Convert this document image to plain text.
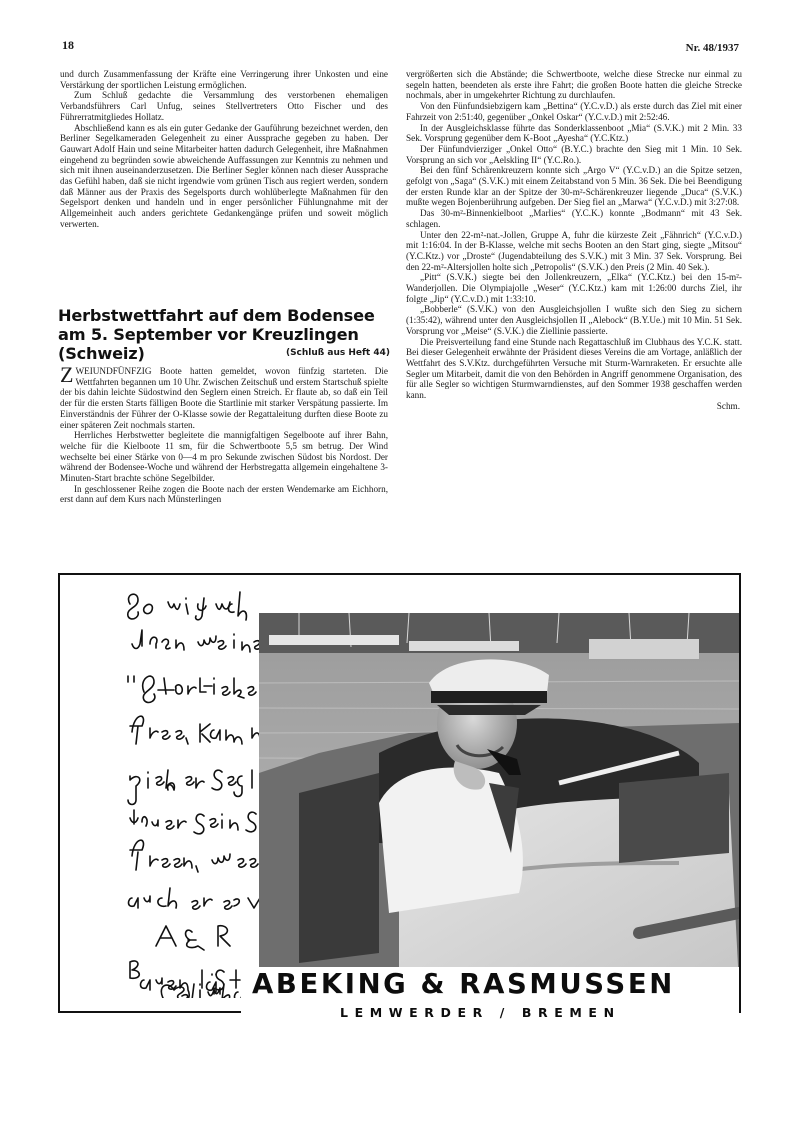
18	Nr. 48/1937

und durch Zusammenfassung der Kräfte eine Verringerung ihrer Unkosten und eine Verstärkung der sportlichen Leistung ermöglichen.

Zum Schluß gedachte die Versammlung des verstorbenen ehemaligen Verbandsführers Carl Unfug, seines Stellvertreters Otto Fischer und des Führerratmitgliedes Hollatz.

Abschließend kann es als ein guter Gedanke der Gauführung bezeichnet werden, den Berliner Segelkameraden Gelegenheit zu einer Aussprache gegeben zu haben. Der Gauwart Adolf Hain und seine Mitarbeiter hatten dadurch Gelegenheit, ihre Maßnahmen eingehend zu begründen sowie abweichende Auffassungen zur Kenntnis zu nehmen und sich mit ihnen auseinanderzusetzen. Die Berliner Segler können nach dieser Aussprache das Gefühl haben, daß sie nicht irgendwie vom grünen Tisch aus regiert werden, sondern daß Männer aus der Praxis des Segelsports durch wohlüberlegte Maßnahmen für den Segelsport denken und handeln und in enger persönlicher Fühlungnahme mit der Allgemeinheit auch anders gerichtete Gedankengänge prüfen und soweit möglich verwerten.

Herbstwettfahrt auf dem Bodensee am 5. September vor Kreuzlingen (Schweiz)	(Schluß aus Heft 44)

ZWEIUNDFÜNFZIG Boote hatten gemeldet, wovon fünfzig starteten. Die Wettfahrten begannen um 10 Uhr. Zwischen Zeitschuß und erstem Startschuß spielte der bis dahin leichte Südostwind den Seglern einen Streich. Er flaute ab, so daß ein Teil der für die ersten Starts fälligen Boote die Startlinie mit starker Verspätung passierte. Im Einverständnis der Führer der O-Klasse sowie der Regattaleitung durften diese Boote zu einer späteren Zeit nochmals starten.

Herrliches Herbstwetter begleitete die mannigfaltigen Segelboote auf ihrer Bahn, welche für die Kielboote 11 sm, für die Schwertboote 5,5 sm betrug. Der Wind wechselte bei einer Stärke von 0—4 m pro Sekunde zwischen Südost bis Nordost. Der während der Bodensee-Woche und während der Herbstregatta allgemein eingehaltene 3-Minuten-Start brachte schöne Segelbilder.

In geschlossener Reihe zogen die Boote nach der ersten Wendemarke am Eichhorn, erst dann auf dem Kurs nach Münsterlingen

vergrößerten sich die Abstände; die Schwertboote, welche diese Strecke nur einmal zu segeln hatten, beendeten als erste ihre Fahrt; die großen Boote hatten die gleiche Strecke nochmals, aber in umgekehrter Richtung zu durchlaufen.

Von den Fünfundsiebzigern kam „Bettina“ (Y.C.v.D.) als erste durch das Ziel mit einer Fahrzeit von 2:51:40, gegenüber „Onkel Oskar“ (Y.C.v.D.) mit 2:52:46.

In der Ausgleichsklasse führte das Sonderklassenboot „Mia“ (S.V.K.) mit 2 Min. 33 Sek. Vorsprung gegenüber dem K-Boot „Ayesha“ (Y.C.Ktz.)

Der Fünfundvierziger „Onkel Otto“ (B.Y.C.) brachte den Sieg mit 1 Min. 10 Sek. Vorsprung an sich vor „Aelskling II“ (Y.C.Ro.).

Bei den fünf Schärenkreuzern konnte sich „Argo V“ (Y.C.v.D.) an die Spitze setzen, gefolgt von „Saga“ (S.V.K.) mit einem Zeitabstand von 5 Min. 36 Sek. Die bei Beendigung der ersten Runde klar an der Spitze der 30-m²-Schärenkreuzer liegende „Duca“ (S.V.K.) mußte wegen Bojenberührung aufgeben. Der Sieg fiel an „Marwa“ (Y.C.v.D.) mit 3:27:08.

Das 30-m²-Binnenkielboot „Marlies“ (Y.C.K.) konnte „Bodmann“ mit 43 Sek. schlagen.

Unter den 22-m²-nat.-Jollen, Gruppe A, fuhr die kürzeste Zeit „Fähnrich“ (Y.C.v.D.) mit 1:16:04. In der B-Klasse, welche mit sechs Booten an den Start ging, siegte „Mitsou“ (Y.C.Ktz.) vor „Droste“ (Jugendabteilung des S.V.K.) mit 3 Min. 37 Sek. Vorsprung. Bei den 22-m²-Altersjollen holte sich „Petropolis“ (S.V.K.) den Preis (2 Min. 40 Sek.).

„Pitt“ (S.V.K.) siegte bei den Jollenkreuzern, „Elka“ (Y.C.Ktz.) bei den 15-m²-Wanderjollen. Die Olympiajolle „Weser“ (Y.C.Ktz.) kam mit 1:26:00 durchs Ziel, ihr folgte „Jip“ (Y.C.v.D.) mit 1:33:10.

„Bobberle“ (S.V.K.) von den Ausgleichsjollen I wußte sich den Sieg zu sichern (1:35:42), während unter den Ausgleichsjollen II „Alebock“ (B.Y.Ue.) mit 10 Min. 51 Sek. Vorsprung vor „Meise“ (S.V.K.) die Ziellinie passierte.

Die Preisverteilung fand eine Stunde nach Regattaschluß im Clubhaus des Y.C.K. statt. Bei dieser Gelegenheit erwähnte der Präsident dieses Vereins die am Vortage, anläßlich der Wettfahrt des S.V.Ktz. durchgeführten Versuche mit Sturm-Warnraketen. Er ersuchte alle Segler um Mitarbeit, damit die von den Behörden in Angriff genommene Organisation, des für alle Segler so wichtigen Sturmwarndienstes, auf den Sommer 1938 geschaffen werden kann.

Schm.

ABEKING & RASMUSSEN
LEMWERDER / BREMEN
